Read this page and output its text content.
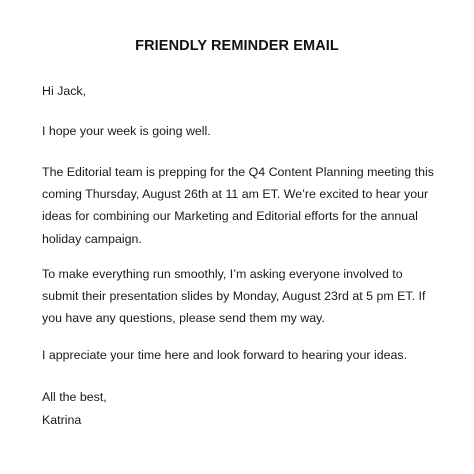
FRIENDLY REMINDER EMAIL

Hi Jack,

I hope your week is going well.

The Editorial team is prepping for the Q4 Content Planning meeting this
coming Thursday, August 26th at 11 am ET. We’re excited to hear your
ideas for combining our Marketing and Editorial efforts for the annual
holiday campaign.

To make everything run smoothly, I’m asking everyone involved to
submit their presentation slides by Monday, August 23rd at 5 pm ET. If
you have any questions, please send them my way.

I appreciate your time here and look forward to hearing your ideas.

All the best,

Katrina
